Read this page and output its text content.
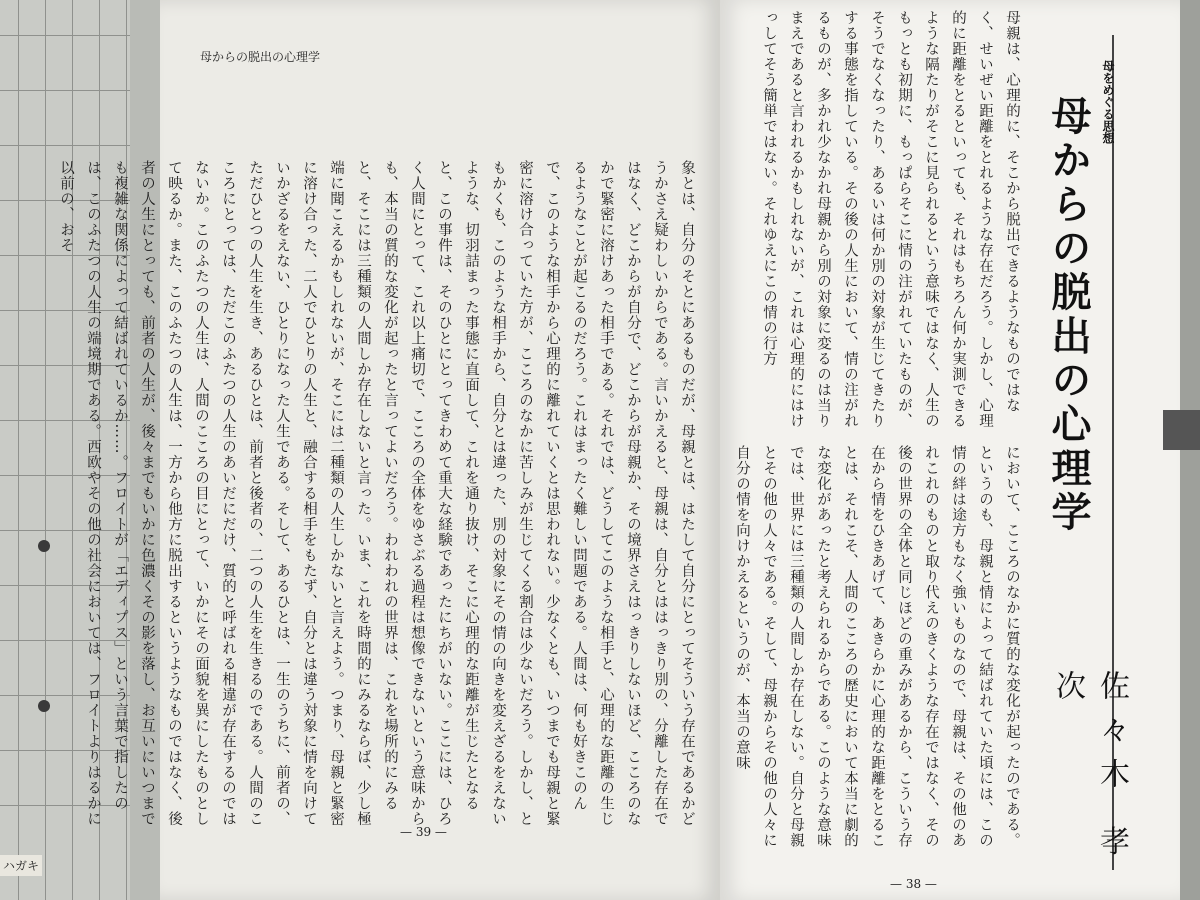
ハガキ
母からの脱出の心理学
象とは、自分のそとにあるものだが、母親とは、はたして自分にとってそういう存在であるかどうかさえ疑わしいからである。言いかえると、母親は、自分とははっきり別の、分離した存在ではなく、どこからが自分で、どこからが母親か、その境界さえはっきりしないほど、こころのなかで緊密に溶けあった相手である。それでは、どうしてこのような相手と、心理的な距離の生じるようなことが起こるのだろう。これはまったく難しい問題である。人間は、何も好きこのんで、このような相手から心理的に離れていくとは思われない。少なくとも、いつまでも母親と緊密に溶け合っていた方が、こころのなかに苦しみが生じてくる割合は少ないだろう。しかし、ともかくも、このような相手から、自分とは違った、別の対象にその情の向きを変えざるをえないような、切羽詰まった事態に直面して、これを通り抜け、そこに心理的な距離が生じたとなると、この事件は、そのひとにとってきわめて重大な経験であったにちがいない。ここには、ひろく人間にとって、これ以上痛切で、こころの全体をゆさぶる過程は想像できないという意味からも、本当の質的な変化が起ったと言ってよいだろう。われわれの世界は、これを場所的にみると、そこには三種類の人間しか存在しないと言った。いま、これを時間的にみるならば、少し極端に聞こえるかもしれないが、そこには二種類の人生しかないと言えよう。つまり、母親と緊密に溶け合った、二人でひとりの人生と、融合する相手をもたず、自分とは違う対象に情を向けていかざるをえない、ひとりになった人生である。そして、あるひとは、一生のうちに、前者の、ただひとつの人生を生き、あるひとは、前者と後者の、二つの人生を生きるのである。人間のこころにとっては、ただこのふたつの人生のあいだにだけ、質的と呼ばれる相違が存在するのではないか。このふたつの人生は、人間のこころの目にとって、いかにその面貌を異にしたものとして映るか。また、このふたつの人生は、一方から他方に脱出するというようなものではなく、後者の人生にとっても、前者の人生が、後々までもいかに色濃くその影を落し、お互いにいつまでも複雑な関係によって結ばれているか……。フロイトが「エディプス」という言葉で指したのは、このふたつの人生の端境期である。西欧やその他の社会においては、フロイトよりはるかに以前の、おそ
— 39 —
母をめぐる思想
母からの脱出の心理学
母親は、心理的に、そこから脱出できるようなものではなく、せいぜい距離をとれるような存在だろう。しかし、心理的に距離をとるといっても、それはもちろん何か実測できるような隔たりがそこに見られるという意味ではなく、人生のもっとも初期に、もっぱらそこに情の注がれていたものが、そうでなくなったり、あるいは何か別の対象が生じてきたりする事態を指している。その後の人生において、情の注がれるものが、多かれ少なかれ母親から別の対象に変るのは当りまえであると言われるかもしれないが、これは心理的にはけっしてそう簡単ではない。それゆえにこの情の行方
において、こころのなかに質的な変化が起ったのである。というのも、母親と情によって結ばれていた頃には、この情の絆は途方もなく強いものなので、母親は、その他のあれこれのものと取り代えのきくような存在ではなく、その後の世界の全体と同じほどの重みがあるから、こういう存在から情をひきあげて、あきらかに心理的な距離をとることは、それこそ、人間のこころの歴史において本当に劇的な変化があったと考えられるからである。このような意味では、世界には三種類の人間しか存在しない。自分と母親とその他の人々である。そして、母親からその他の人々に自分の情を向けかえるというのが、本当の意味	佐々木 孝次
— 38 —
